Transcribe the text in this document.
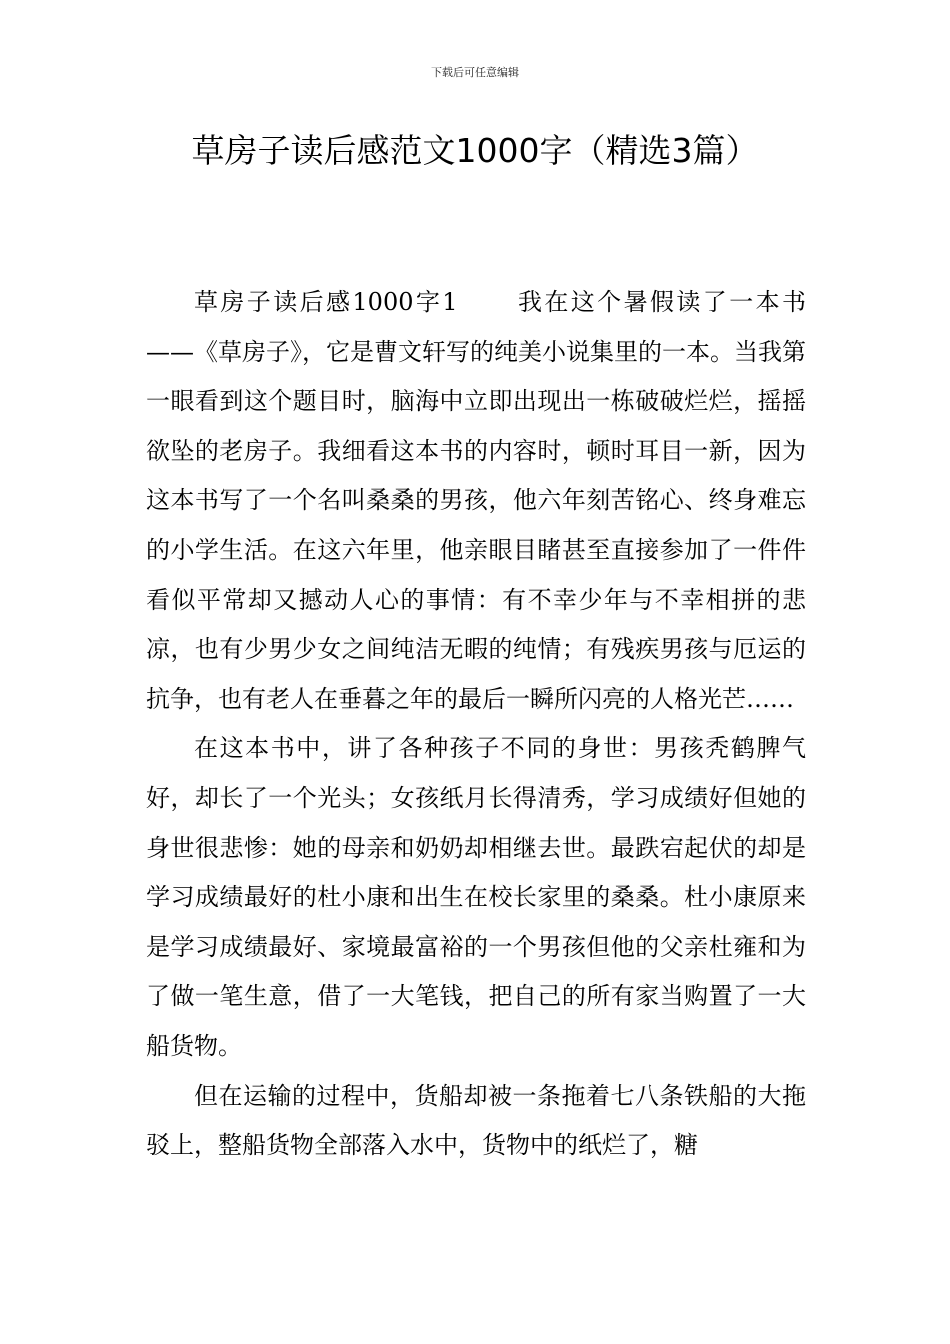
下载后可任意编辑
草房子读后感范文1000字（精选3篇）

草房子读后感1000字1 我在这个暑假读了一本书——《草房子》，它是曹文轩写的纯美小说集里的一本。当我第一眼看到这个题目时，脑海中立即出现出一栋破破烂烂，摇摇欲坠的老房子。我细看这本书的内容时，顿时耳目一新，因为这本书写了一个名叫桑桑的男孩，他六年刻苦铭心、终身难忘的小学生活。在这六年里，他亲眼目睹甚至直接参加了一件件看似平常却又撼动人心的事情：有不幸少年与不幸相拼的悲凉，也有少男少女之间纯洁无暇的纯情；有残疾男孩与厄运的抗争，也有老人在垂暮之年的最后一瞬所闪亮的人格光芒……

在这本书中，讲了各种孩子不同的身世：男孩秃鹤脾气好，却长了一个光头；女孩纸月长得清秀，学习成绩好但她的身世很悲惨：她的母亲和奶奶却相继去世。最跌宕起伏的却是学习成绩最好的杜小康和出生在校长家里的桑桑。杜小康原来是学习成绩最好、家境最富裕的一个男孩但他的父亲杜雍和为了做一笔生意，借了一大笔钱，把自己的所有家当购置了一大船货物。

但在运输的过程中，货船却被一条拖着七八条铁船的大拖驳上，整船货物全部落入水中，货物中的纸烂了，糖
